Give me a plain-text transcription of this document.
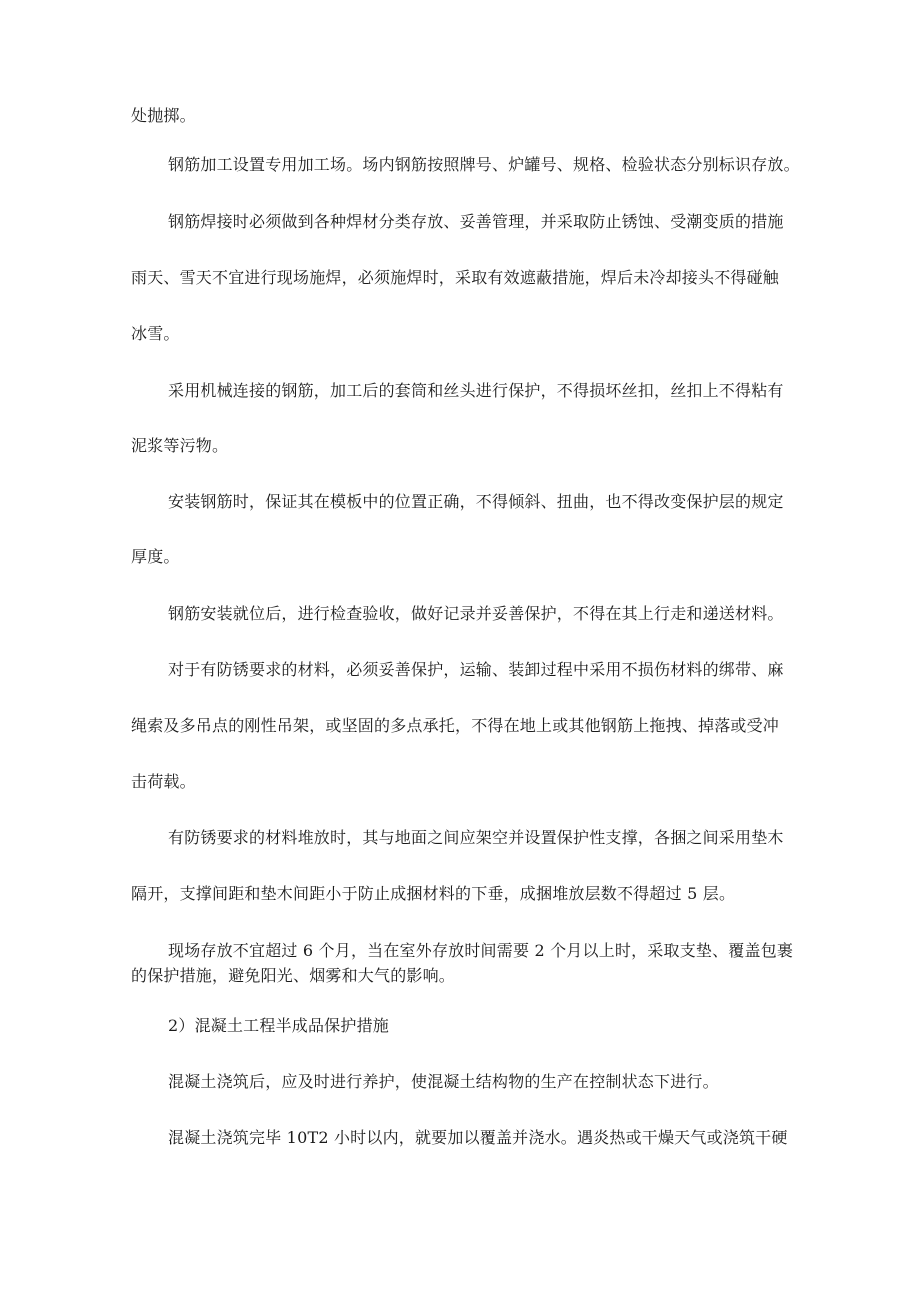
处抛掷。
钢筋加工设置专用加工场。场内钢筋按照牌号、炉罐号、规格、检验状态分别标识存放。
钢筋焊接时必须做到各种焊材分类存放、妥善管理，并采取防止锈蚀、受潮变质的措施
雨天、雪天不宜进行现场施焊，必须施焊时，采取有效遮蔽措施，焊后未冷却接头不得碰触
冰雪。
采用机械连接的钢筋，加工后的套筒和丝头进行保护，不得损坏丝扣，丝扣上不得粘有
泥浆等污物。
安装钢筋时，保证其在模板中的位置正确，不得倾斜、扭曲，也不得改变保护层的规定
厚度。
钢筋安装就位后，进行检查验收，做好记录并妥善保护，不得在其上行走和递送材料。
对于有防锈要求的材料，必须妥善保护，运输、装卸过程中采用不损伤材料的绑带、麻
绳索及多吊点的刚性吊架，或坚固的多点承托，不得在地上或其他钢筋上拖拽、掉落或受冲
击荷载。
有防锈要求的材料堆放时，其与地面之间应架空并设置保护性支撑，各捆之间采用垫木
隔开，支撑间距和垫木间距小于防止成捆材料的下垂，成捆堆放层数不得超过 5 层。
现场存放不宜超过 6 个月，当在室外存放时间需要 2 个月以上时，采取支垫、覆盖包裹
的保护措施，避免阳光、烟雾和大气的影响。
2）混凝土工程半成品保护措施
混凝土浇筑后，应及时进行养护，使混凝土结构物的生产在控制状态下进行。
混凝土浇筑完毕 10T2 小时以内，就要加以覆盖并浇水。遇炎热或干燥天气或浇筑干硬
